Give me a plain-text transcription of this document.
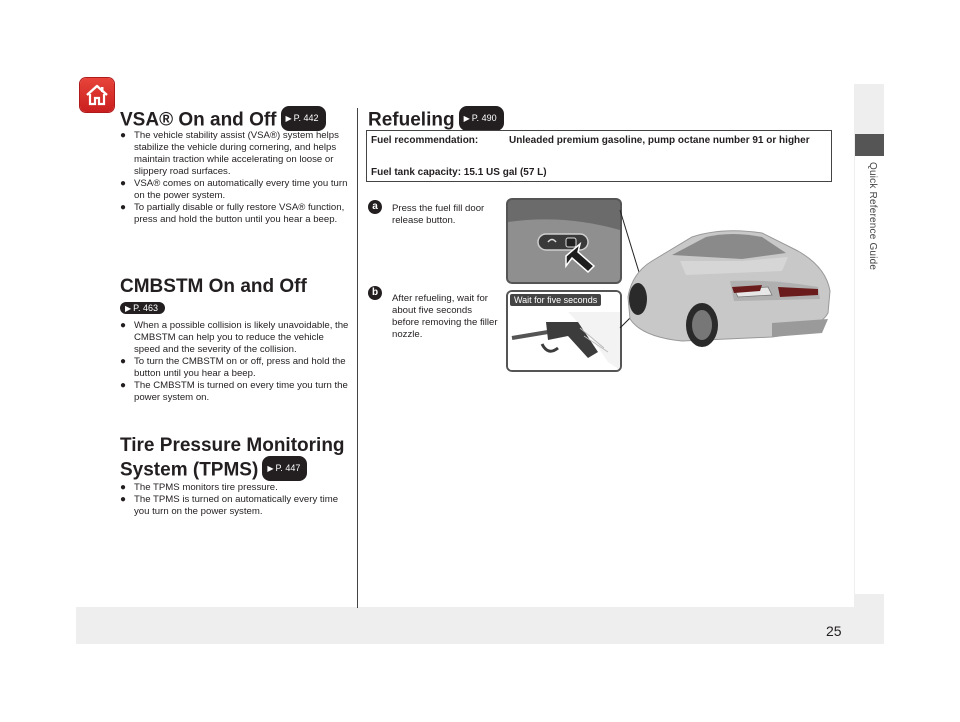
Quick Reference Guide
VSA® On and Off ▶ P. 442
● The vehicle stability assist (VSA®) system helps stabilize the vehicle during cornering, and helps maintain traction while accelerating on loose or slippery road surfaces.
● VSA® comes on automatically every time you turn on the power system.
● To partially disable or fully restore VSA® function, press and hold the button until you hear a beep.
CMBSTM On and Off
▶ P. 463
● When a possible collision is likely unavoidable, the CMBSTM can help you to reduce the vehicle speed and the severity of the collision.
● To turn the CMBSTM on or off, press and hold the button until you hear a beep.
● The CMBSTM is turned on every time you turn the power system on.
Tire Pressure Monitoring
System (TPMS) ▶ P. 447
● The TPMS monitors tire pressure.
● The TPMS is turned on automatically every time you turn on the power system.
Refueling ▶ P. 490
Fuel recommendation:	Unleaded premium gasoline, pump octane number 91 or higher
Fuel tank capacity: 15.1 US gal (57 L)
a	Press the fuel fill door release button.
b
After refueling, wait for about five seconds before removing the filler nozzle.
Wait for five seconds
25
